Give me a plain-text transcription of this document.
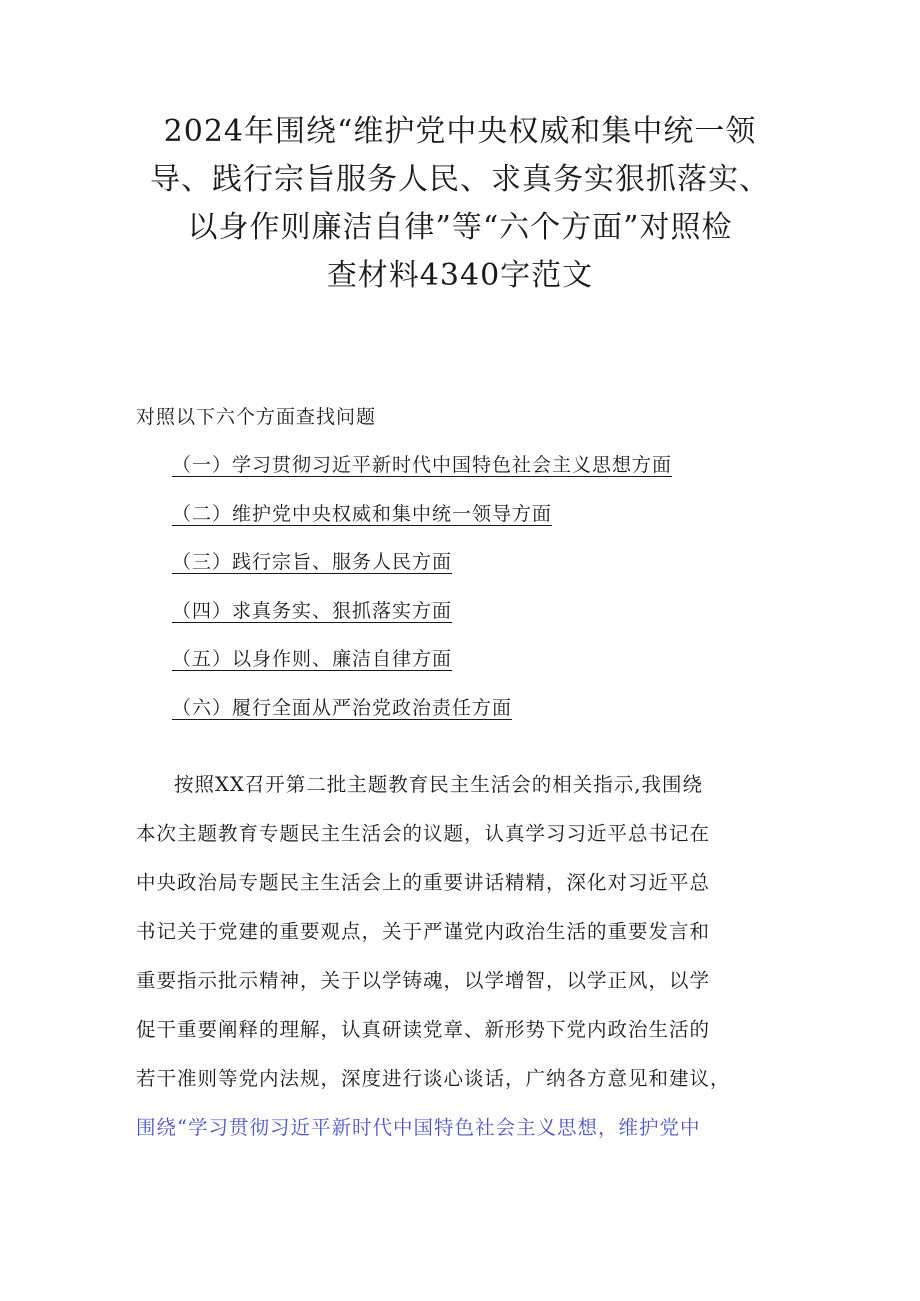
2024年围绕“维护党中央权威和集中统一领
导、践行宗旨服务人民、求真务实狠抓落实、
以身作则廉洁自律”等“六个方面”对照检
查材料4340字范文
对照以下六个方面查找问题
（一）学习贯彻习近平新时代中国特色社会主义思想方面
（二）维护党中央权威和集中统一领导方面
（三）践行宗旨、服务人民方面
（四）求真务实、狠抓落实方面
（五）以身作则、廉洁自律方面
（六）履行全面从严治党政治责任方面
按照XX召开第二批主题教育民主生活会的相关指示,我围绕
本次主题教育专题民主生活会的议题，认真学习习近平总书记在
中央政治局专题民主生活会上的重要讲话精精，深化对习近平总
书记关于党建的重要观点，关于严谨党内政治生活的重要发言和
重要指示批示精神，关于以学铸魂，以学增智，以学正风，以学
促干重要阐释的理解，认真研读党章、新形势下党内政治生活的
若干准则等党内法规，深度进行谈心谈话，广纳各方意见和建议，
围绕“学习贯彻习近平新时代中国特色社会主义思想，维护党中
